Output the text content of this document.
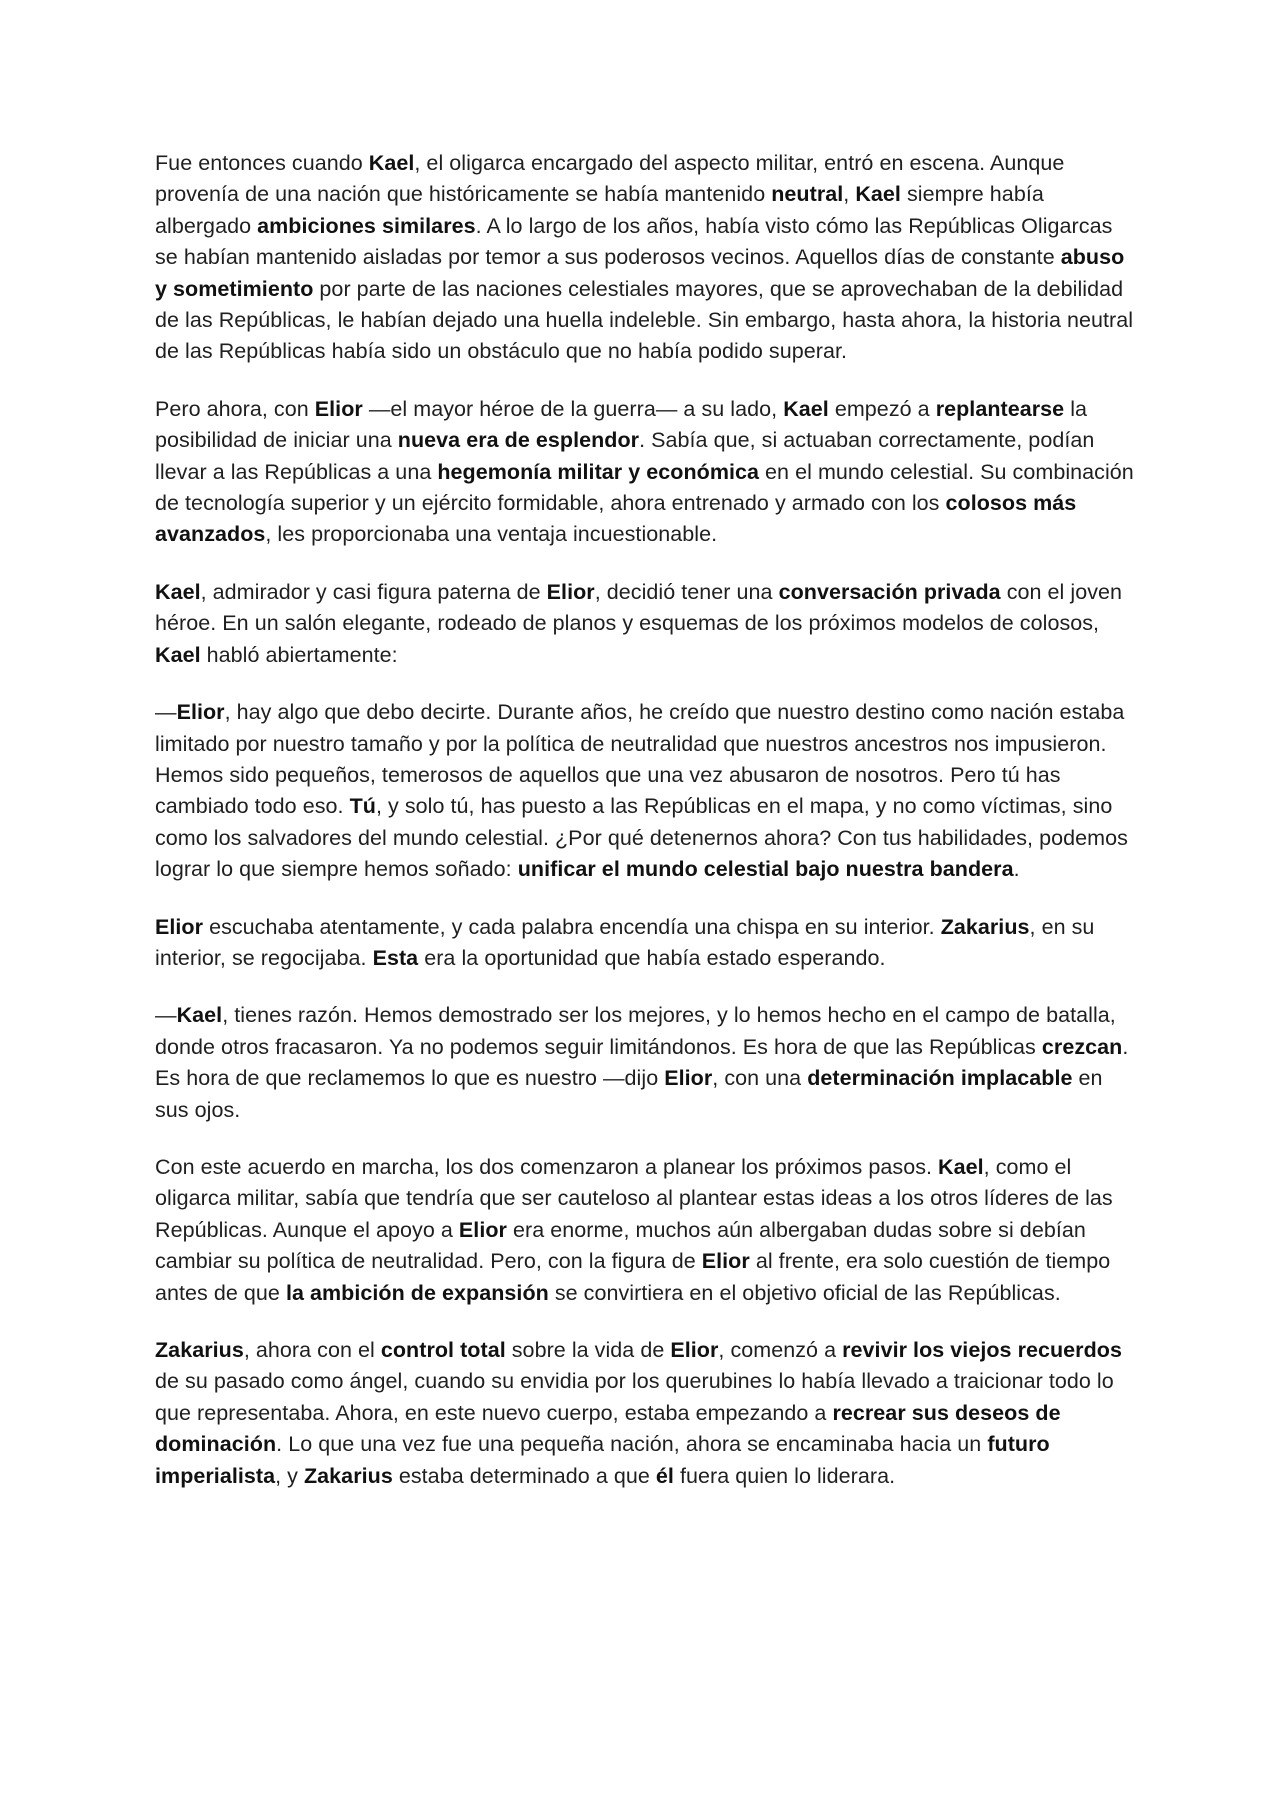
Fue entonces cuando Kael, el oligarca encargado del aspecto militar, entró en escena. Aunque provenía de una nación que históricamente se había mantenido neutral, Kael siempre había albergado ambiciones similares. A lo largo de los años, había visto cómo las Repúblicas Oligarcas se habían mantenido aisladas por temor a sus poderosos vecinos. Aquellos días de constante abuso y sometimiento por parte de las naciones celestiales mayores, que se aprovechaban de la debilidad de las Repúblicas, le habían dejado una huella indeleble. Sin embargo, hasta ahora, la historia neutral de las Repúblicas había sido un obstáculo que no había podido superar.

Pero ahora, con Elior —el mayor héroe de la guerra— a su lado, Kael empezó a replantearse la posibilidad de iniciar una nueva era de esplendor. Sabía que, si actuaban correctamente, podían llevar a las Repúblicas a una hegemonía militar y económica en el mundo celestial. Su combinación de tecnología superior y un ejército formidable, ahora entrenado y armado con los colosos más avanzados, les proporcionaba una ventaja incuestionable.

Kael, admirador y casi figura paterna de Elior, decidió tener una conversación privada con el joven héroe. En un salón elegante, rodeado de planos y esquemas de los próximos modelos de colosos, Kael habló abiertamente:

—Elior, hay algo que debo decirte. Durante años, he creído que nuestro destino como nación estaba limitado por nuestro tamaño y por la política de neutralidad que nuestros ancestros nos impusieron. Hemos sido pequeños, temerosos de aquellos que una vez abusaron de nosotros. Pero tú has cambiado todo eso. Tú, y solo tú, has puesto a las Repúblicas en el mapa, y no como víctimas, sino como los salvadores del mundo celestial. ¿Por qué detenernos ahora? Con tus habilidades, podemos lograr lo que siempre hemos soñado: unificar el mundo celestial bajo nuestra bandera.

Elior escuchaba atentamente, y cada palabra encendía una chispa en su interior. Zakarius, en su interior, se regocijaba. Esta era la oportunidad que había estado esperando.

—Kael, tienes razón. Hemos demostrado ser los mejores, y lo hemos hecho en el campo de batalla, donde otros fracasaron. Ya no podemos seguir limitándonos. Es hora de que las Repúblicas crezcan. Es hora de que reclamemos lo que es nuestro —dijo Elior, con una determinación implacable en sus ojos.

Con este acuerdo en marcha, los dos comenzaron a planear los próximos pasos. Kael, como el oligarca militar, sabía que tendría que ser cauteloso al plantear estas ideas a los otros líderes de las Repúblicas. Aunque el apoyo a Elior era enorme, muchos aún albergaban dudas sobre si debían cambiar su política de neutralidad. Pero, con la figura de Elior al frente, era solo cuestión de tiempo antes de que la ambición de expansión se convirtiera en el objetivo oficial de las Repúblicas.

Zakarius, ahora con el control total sobre la vida de Elior, comenzó a revivir los viejos recuerdos de su pasado como ángel, cuando su envidia por los querubines lo había llevado a traicionar todo lo que representaba. Ahora, en este nuevo cuerpo, estaba empezando a recrear sus deseos de dominación. Lo que una vez fue una pequeña nación, ahora se encaminaba hacia un futuro imperialista, y Zakarius estaba determinado a que él fuera quien lo liderara.
